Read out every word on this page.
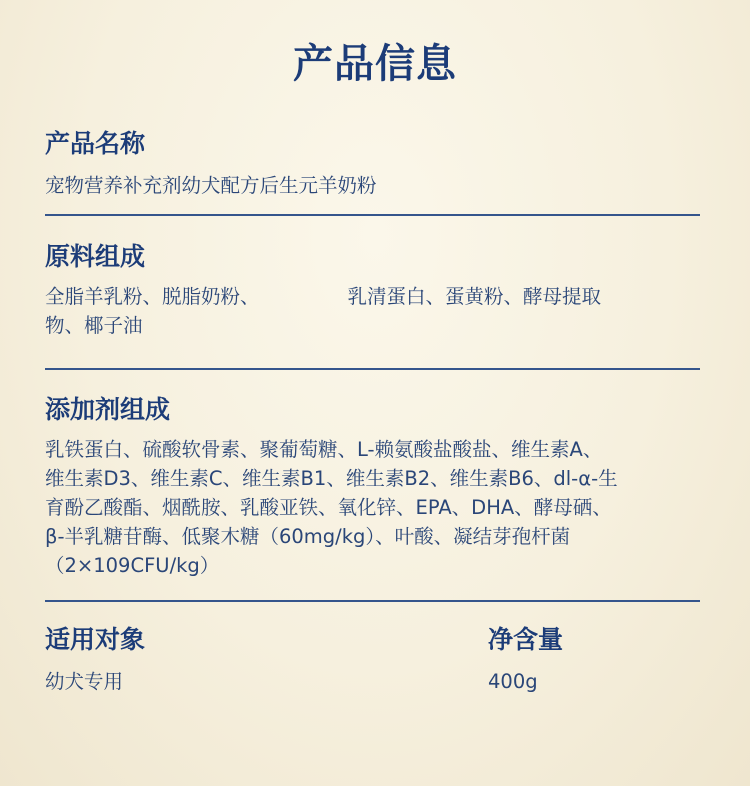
产品信息

产品名称

宠物营养补充剂幼犬配方后生元羊奶粉

原料组成

全脂羊乳粉、脱脂奶粉、	乳清蛋白、蛋黄粉、酵母提取
物、椰子油

添加剂组成

乳铁蛋白、硫酸软骨素、聚葡萄糖、L-赖氨酸盐酸盐、维生素A、
维生素D3、维生素C、维生素B1、维生素B2、维生素B6、dl-α-生
育酚乙酸酯、烟酰胺、乳酸亚铁、氧化锌、EPA、DHA、酵母硒、
β-半乳糖苷酶、低聚木糖（60mg/kg）、叶酸、凝结芽孢杆菌
（2×109CFU/kg）

适用对象

幼犬专用

净含量

400g
